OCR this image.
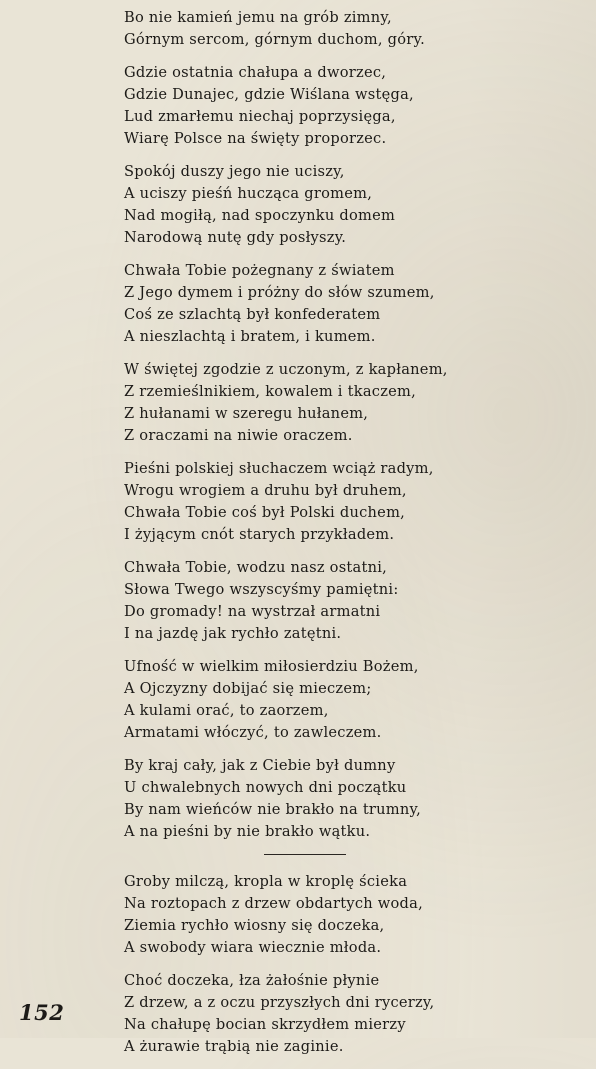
Bo nie kamień jemu na grób zimny,
Górnym sercom, górnym duchom, góry.
Gdzie ostatnia chałupa a dworzec,
Gdzie Dunajec, gdzie Wiślana wstęga,
Lud zmarłemu niechaj poprzysięga,
Wiarę Polsce na święty proporzec.
Spokój duszy jego nie uciszy,
A uciszy pieśń hucząca gromem,
Nad mogiłą, nad spoczynku domem
Narodową nutę gdy posłyszy.
Chwała Tobie pożegnany z światem
Z Jego dymem i próżny do słów szumem,
Coś ze szlachtą był konfederatem
A nieszlachtą i bratem, i kumem.
W świętej zgodzie z uczonym, z kapłanem,
Z rzemieślnikiem, kowalem i tkaczem,
Z hułanami w szeregu hułanem,
Z oraczami na niwie oraczem.
Pieśni polskiej słuchaczem wciąż radym,
Wrogu wrogiem a druhu był druhem,
Chwała Tobie coś był Polski duchem,
I żyjącym cnót starych przykładem.
Chwała Tobie, wodzu nasz ostatni,
Słowa Twego wszyscyśmy pamiętni:
Do gromady! na wystrzał armatni
I na jazdę jak rychło zatętni.
Ufność w wielkim miłosierdziu Bożem,
A Ojczyzny dobijać się mieczem;
A kulami orać, to zaorzem,
Armatami włóczyć, to zawleczem.
By kraj cały, jak z Ciebie był dumny
U chwalebnych nowych dni początku
By nam wieńców nie brakło na trumny,
A na pieśni by nie brakło wątku.
Groby milczą, kropla w kroplę ścieka
Na roztopach z drzew obdartych woda,
Ziemia rychło wiosny się doczeka,
A swobody wiara wiecznie młoda.
Choć doczeka, łza żałośnie płynie
Z drzew, a z oczu przyszłych dni rycerzy,
Na chałupę bocian skrzydłem mierzy
A żurawie trąbią nie zaginie.
152
